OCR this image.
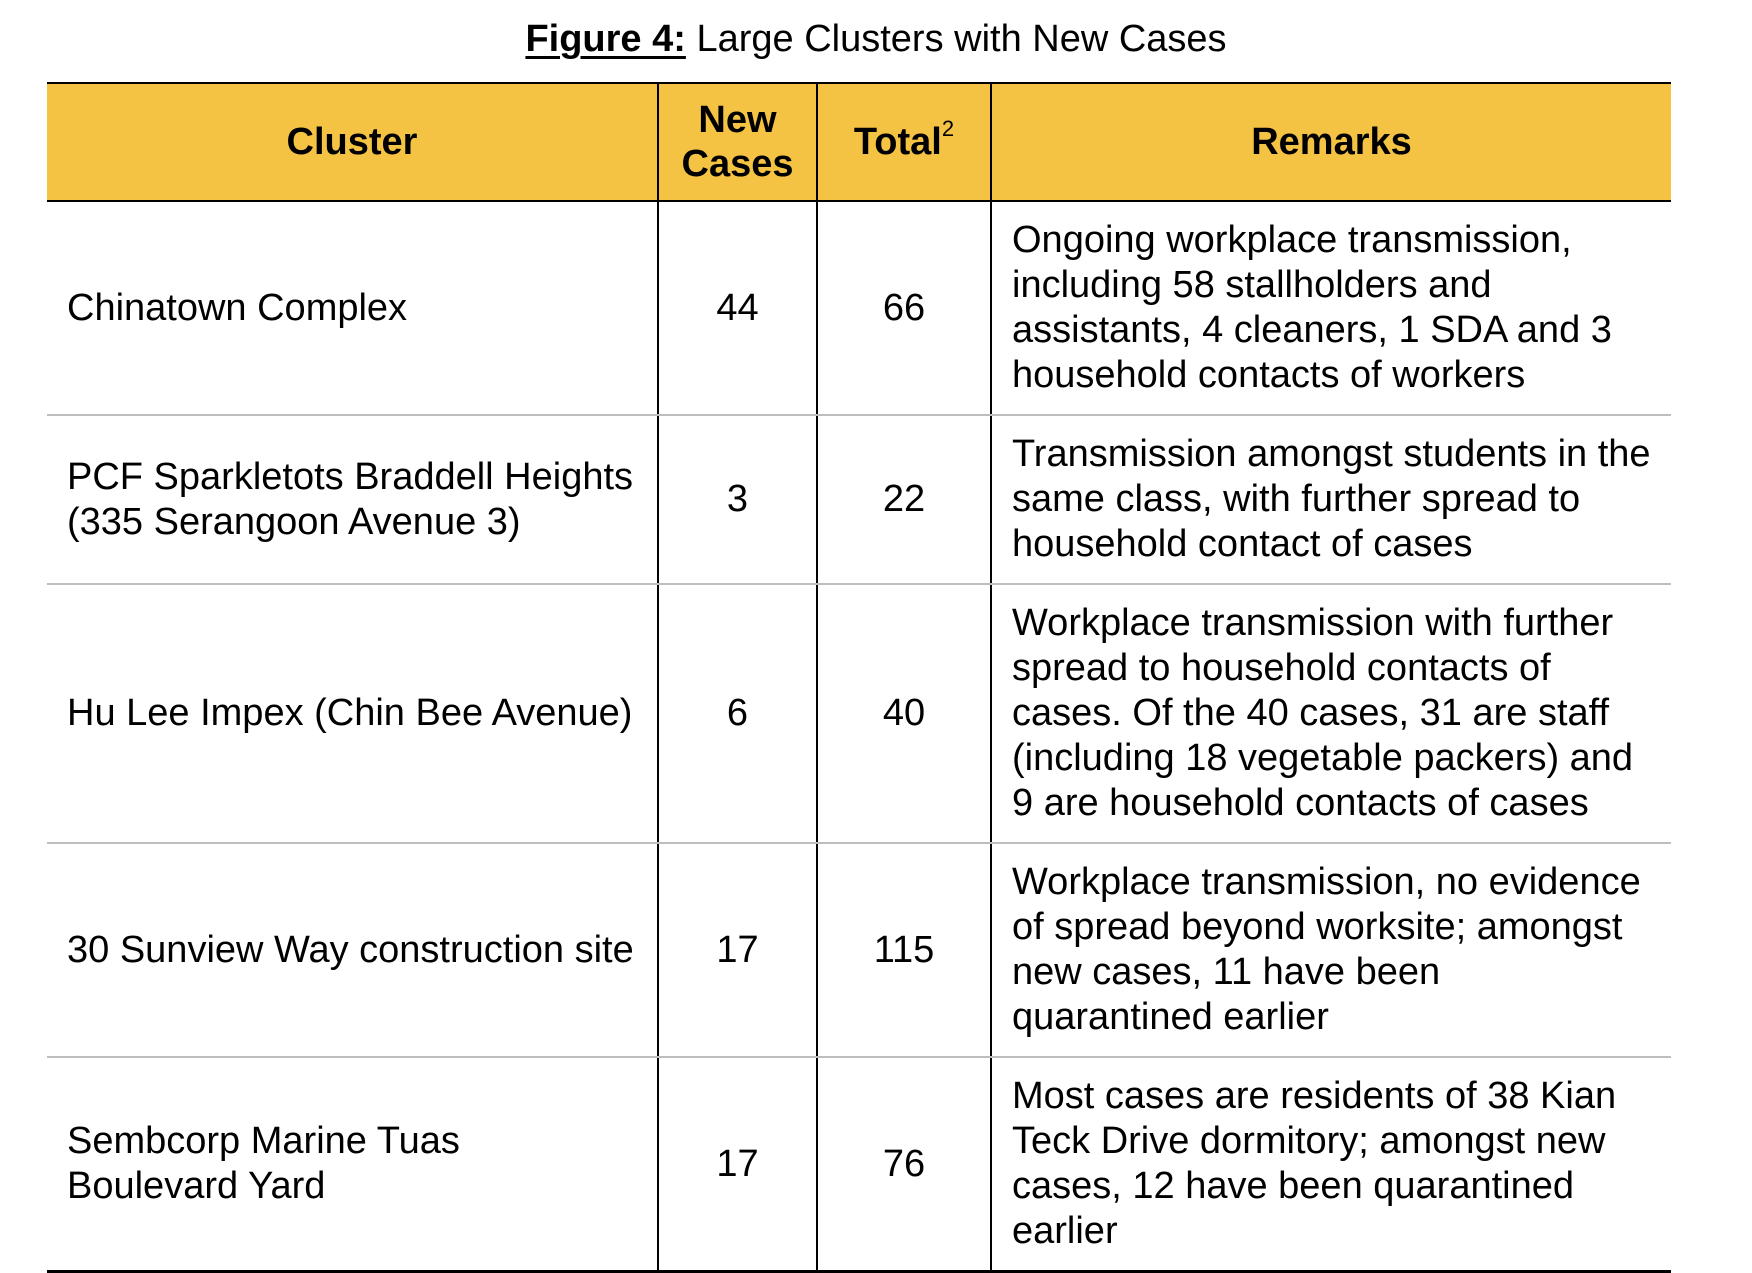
Figure 4: Large Clusters with New Cases
Cluster	New Cases	Total$^2$	Remarks
Chinatown Complex	44	66	Ongoing workplace transmission, including 58 stallholders and assistants, 4 cleaners, 1 SDA and 3 household contacts of workers
PCF Sparkletots Braddell Heights (335 Serangoon Avenue 3)	3	22	Transmission amongst students in the same class, with further spread to household contact of cases
Hu Lee Impex (Chin Bee Avenue)	6	40	Workplace transmission with further spread to household contacts of cases. Of the 40 cases, 31 are staff (including 18 vegetable packers) and 9 are household contacts of cases
30 Sunview Way construction site	17	115	Workplace transmission, no evidence of spread beyond worksite; amongst new cases, 11 have been quarantined earlier
Sembcorp Marine Tuas Boulevard Yard	17	76	Most cases are residents of 38 Kian Teck Drive dormitory; amongst new cases, 12 have been quarantined earlier
